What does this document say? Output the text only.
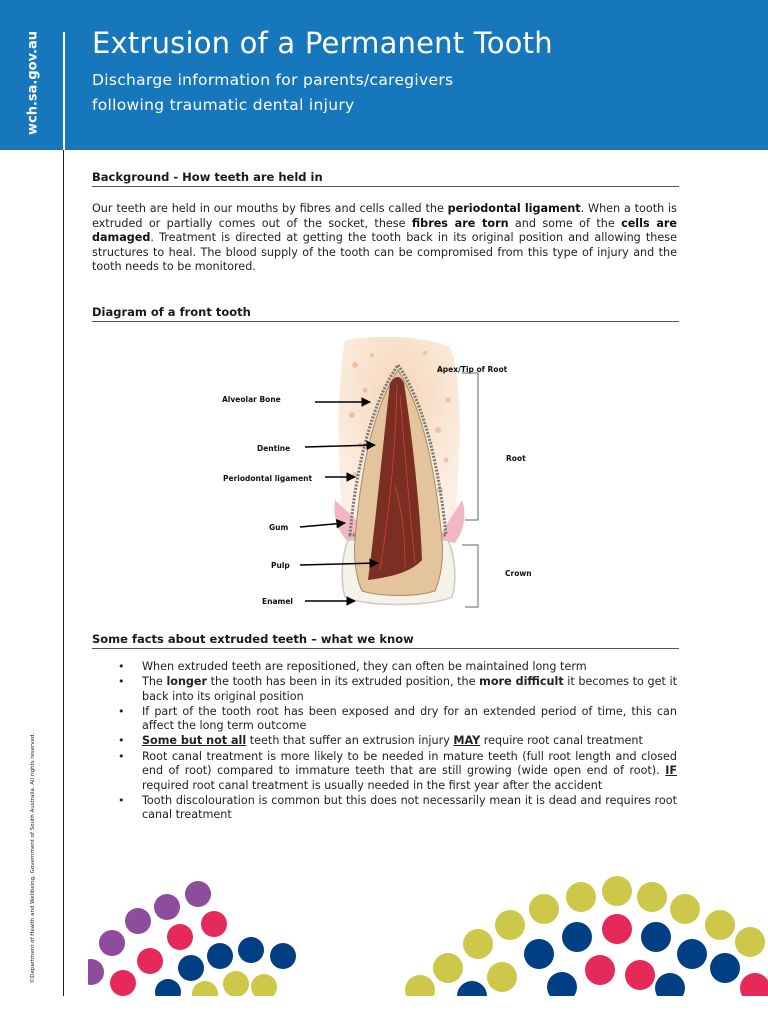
wch.sa.gov.au Extrusion of a Permanent Tooth

Discharge information for parents/caregivers
following traumatic dental injury

©Department of Health and Wellbeing, Government of South Australia. All rights reserved.
Background - How teeth are held in

Our teeth are held in our mouths by fibres and cells called the periodontal ligament. When a tooth is extruded or partially comes out of the socket, these fibres are torn and some of the cells are damaged. Treatment is directed at getting the tooth back in its original position and allowing these structures to heal. The blood supply of the tooth can be compromised from this type of injury and the tooth needs to be monitored.

Diagram of a front tooth
Apex/Tip of Root
Alveolar Bone
Dentine
Periodontal ligament
Root
Gum
Pulp
Crown
Enamel
Some facts about extruded teeth – what we know
• When extruded teeth are repositioned, they can often be maintained long term
• The longer the tooth has been in its extruded position, the more difficult it becomes to get it back into its original position
• If part of the tooth root has been exposed and dry for an extended period of time, this can affect the long term outcome
• Some but not all teeth that suffer an extrusion injury MAY require root canal treatment
• Root canal treatment is more likely to be needed in mature teeth (full root length and closed end of root) compared to immature teeth that are still growing (wide open end of root). IF required root canal treatment is usually needed in the first year after the accident
• Tooth discolouration is common but this does not necessarily mean it is dead and requires root canal treatment
